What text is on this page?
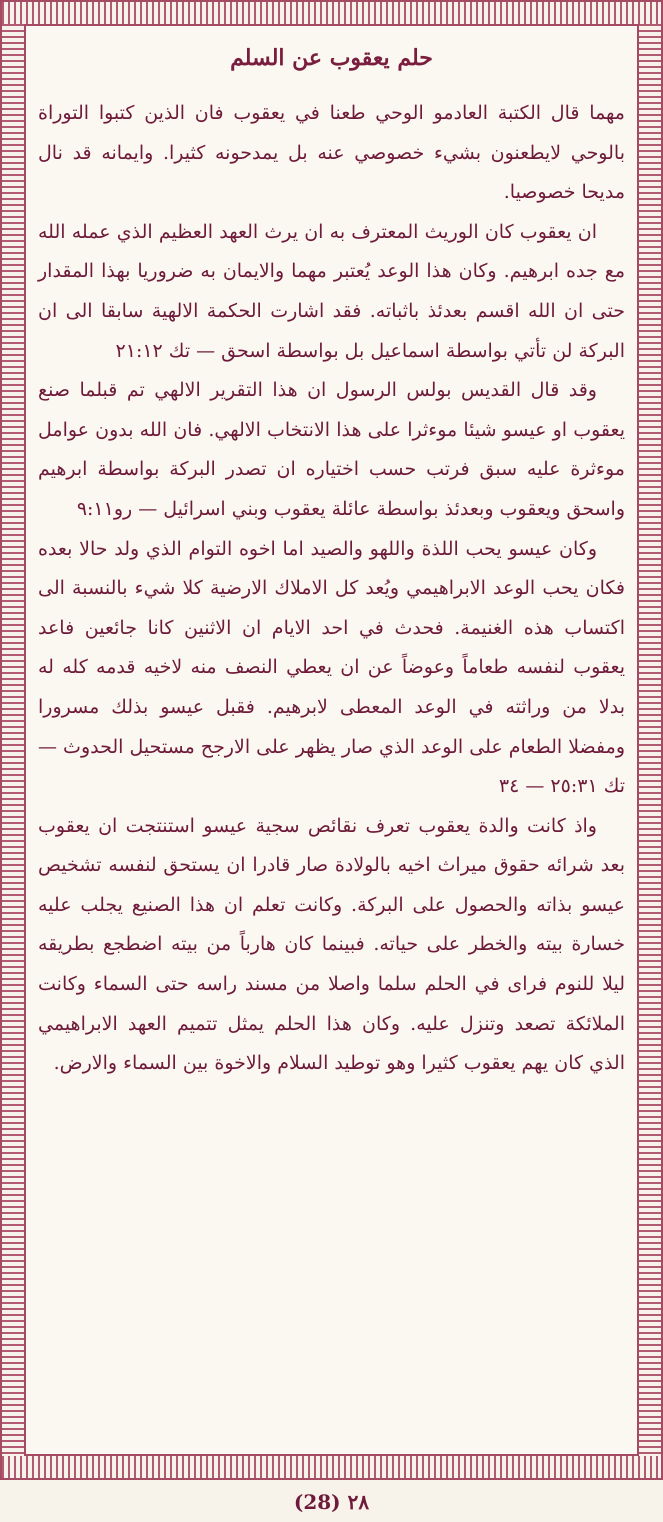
حلم يعقوب عن السلم

مهما قال الكتبة العادمو الوحي طعنا في يعقوب فان الذين كتبوا التوراة بالوحي لايطعنون بشيء خصوصي عنه بل يمدحونه كثيرا. وايمانه قد نال مديحا خصوصيا.

ان يعقوب كان الوريث المعترف به ان يرث العهد العظيم الذي عمله الله مع جده ابرهيم. وكان هذا الوعد يُعتبر مهما والايمان به ضروريا بهذا المقدار حتى ان الله اقسم بعدئذ باثباته. فقد اشارت الحكمة الالهية سابقا الى ان البركة لن تأتي بواسطة اسماعيل بل بواسطة اسحق — تك ٢١:١٢

وقد قال القديس بولس الرسول ان هذا التقرير الالهي تم قبلما صنع يعقوب او عيسو شيئا موءثرا على هذا الانتخاب الالهي. فان الله بدون عوامل موءثرة عليه سبق فرتب حسب اختياره ان تصدر البركة بواسطة ابرهيم واسحق ويعقوب وبعدئذ بواسطة عائلة يعقوب وبني اسرائيل — رو٩:١١

وكان عيسو يحب اللذة واللهو والصيد اما اخوه التوام الذي ولد حالا بعده فكان يحب الوعد الابراهيمي ويُعد كل الاملاك الارضية كلا شيء بالنسبة الى اكتساب هذه الغنيمة. فحدث في احد الايام ان الاثنين كانا جائعين فاعد يعقوب لنفسه طعاماً وعوضاً عن ان يعطي النصف منه لاخيه قدمه كله له بدلا من وراثته في الوعد المعطى لابرهيم. فقبل عيسو بذلك مسرورا ومفضلا الطعام على الوعد الذي صار يظهر على الارجح مستحيل الحدوث — تك ٢٥:٣١ — ٣٤

واذ كانت والدة يعقوب تعرف نقائص سجية عيسو استنتجت ان يعقوب بعد شرائه حقوق ميراث اخيه بالولادة صار قادرا ان يستحق لنفسه تشخيص عيسو بذاته والحصول على البركة. وكانت تعلم ان هذا الصنيع يجلب عليه خسارة بيته والخطر على حياته. فبينما كان هارباً من بيته اضطجع بطريقه ليلا للنوم فراى في الحلم سلما واصلا من مسند راسه حتى السماء وكانت الملائكة تصعد وتنزل عليه. وكان هذا الحلم يمثل تتميم العهد الابراهيمي الذي كان يهم يعقوب كثيرا وهو توطيد السلام والاخوة بين السماء والارض.

(28) ٢٨
